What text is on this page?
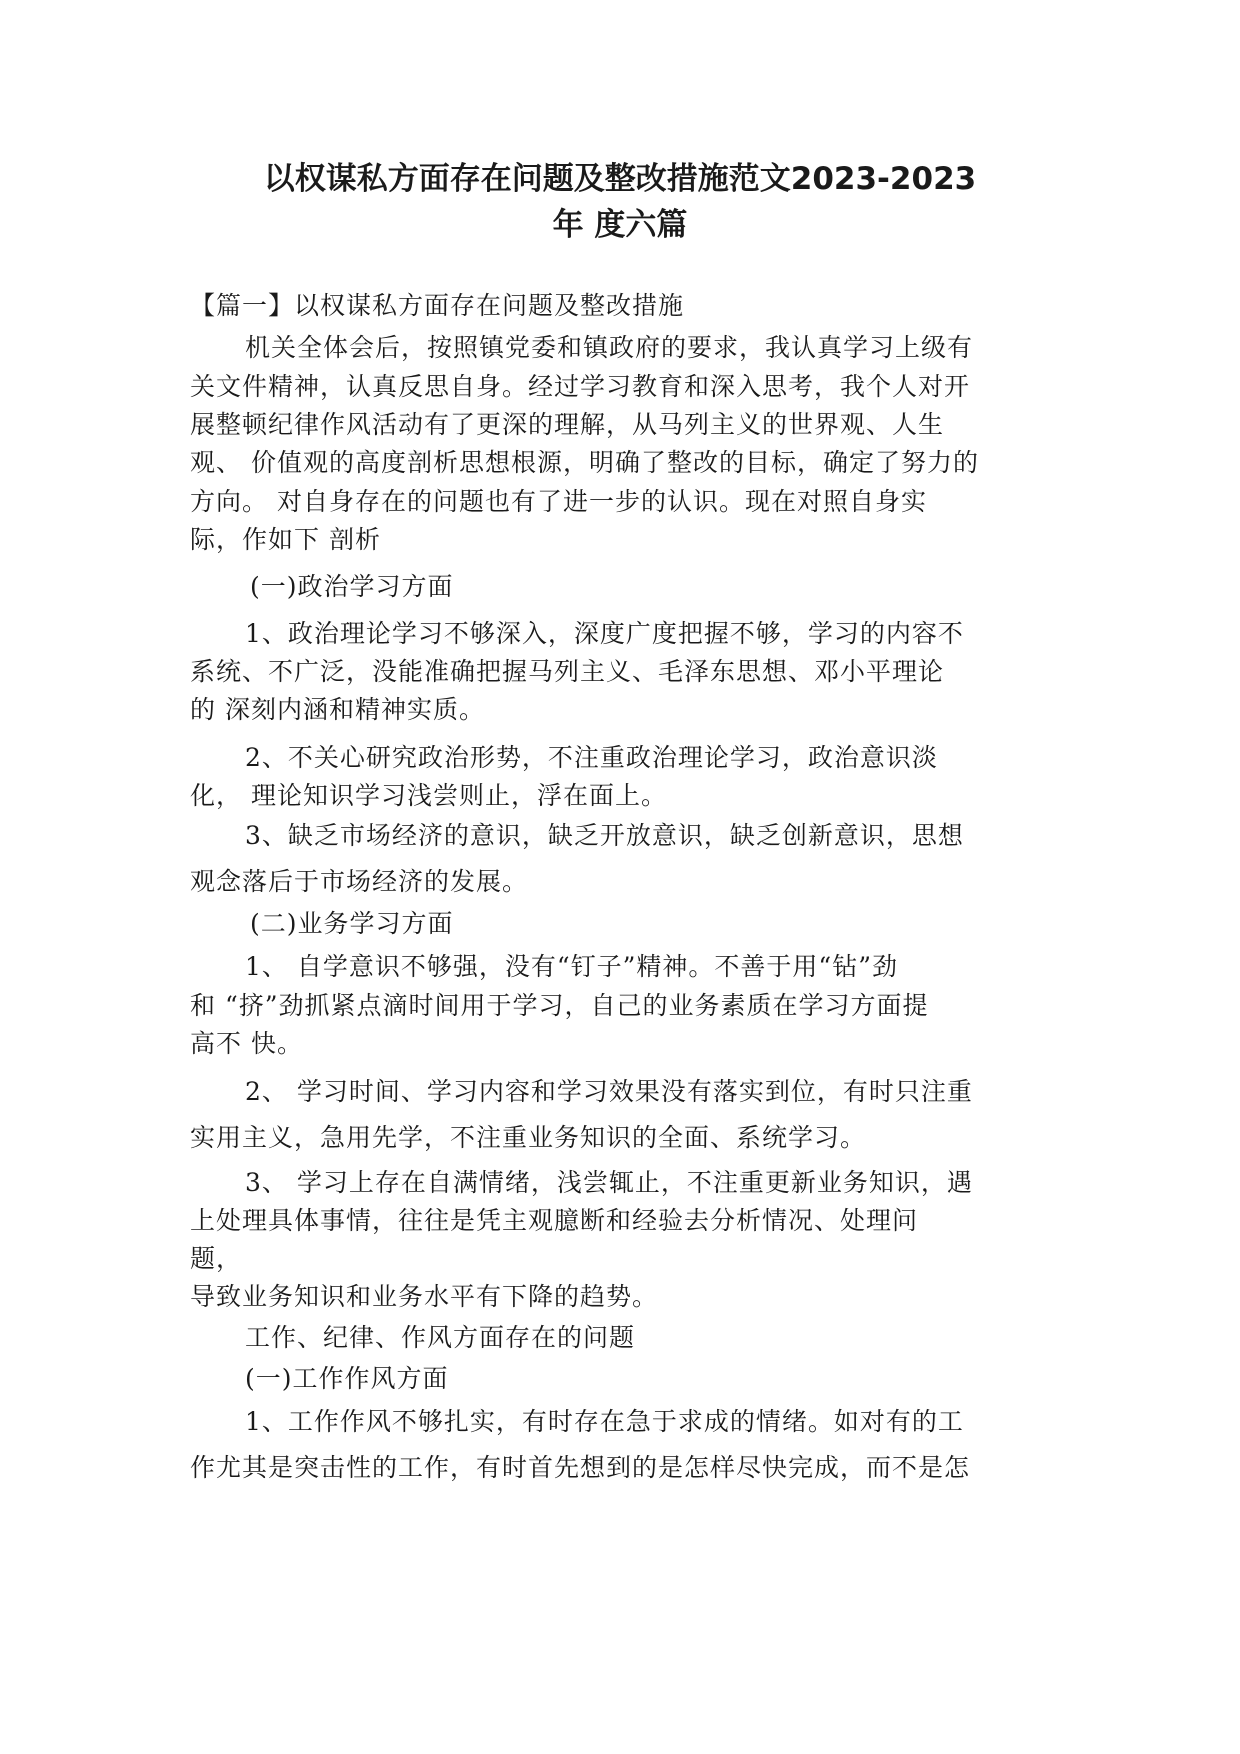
以权谋私方面存在问题及整改措施范文2023-2023
年 度六篇
【篇一】以权谋私方面存在问题及整改措施
机关全体会后，按照镇党委和镇政府的要求，我认真学习上级有
关文件精神，认真反思自身。经过学习教育和深入思考，我个人对开
展整顿纪律作风活动有了更深的理解，从马列主义的世界观、人生
观、 价值观的高度剖析思想根源，明确了整改的目标，确定了努力的
方向。 对自身存在的问题也有了进一步的认识。现在对照自身实
际，作如下 剖析
(一)政治学习方面
1、政治理论学习不够深入，深度广度把握不够，学习的内容不
系统、不广泛，没能准确把握马列主义、毛泽东思想、邓小平理论
的 深刻内涵和精神实质。
2、不关心研究政治形势，不注重政治理论学习，政治意识淡
化， 理论知识学习浅尝则止，浮在面上。
3、缺乏市场经济的意识，缺乏开放意识，缺乏创新意识，思想
观念落后于市场经济的发展。
(二)业务学习方面
1、 自学意识不够强，没有“钉子”精神。不善于用“钻”劲
和 “挤”劲抓紧点滴时间用于学习，自己的业务素质在学习方面提
高不 快。
2、 学习时间、学习内容和学习效果没有落实到位，有时只注重
实用主义，急用先学，不注重业务知识的全面、系统学习。
3、 学习上存在自满情绪，浅尝辄止，不注重更新业务知识，遇
上处理具体事情，往往是凭主观臆断和经验去分析情况、处理问
题，
导致业务知识和业务水平有下降的趋势。
工作、纪律、作风方面存在的问题
(一)工作作风方面
1、工作作风不够扎实，有时存在急于求成的情绪。如对有的工
作尤其是突击性的工作，有时首先想到的是怎样尽快完成，而不是怎
